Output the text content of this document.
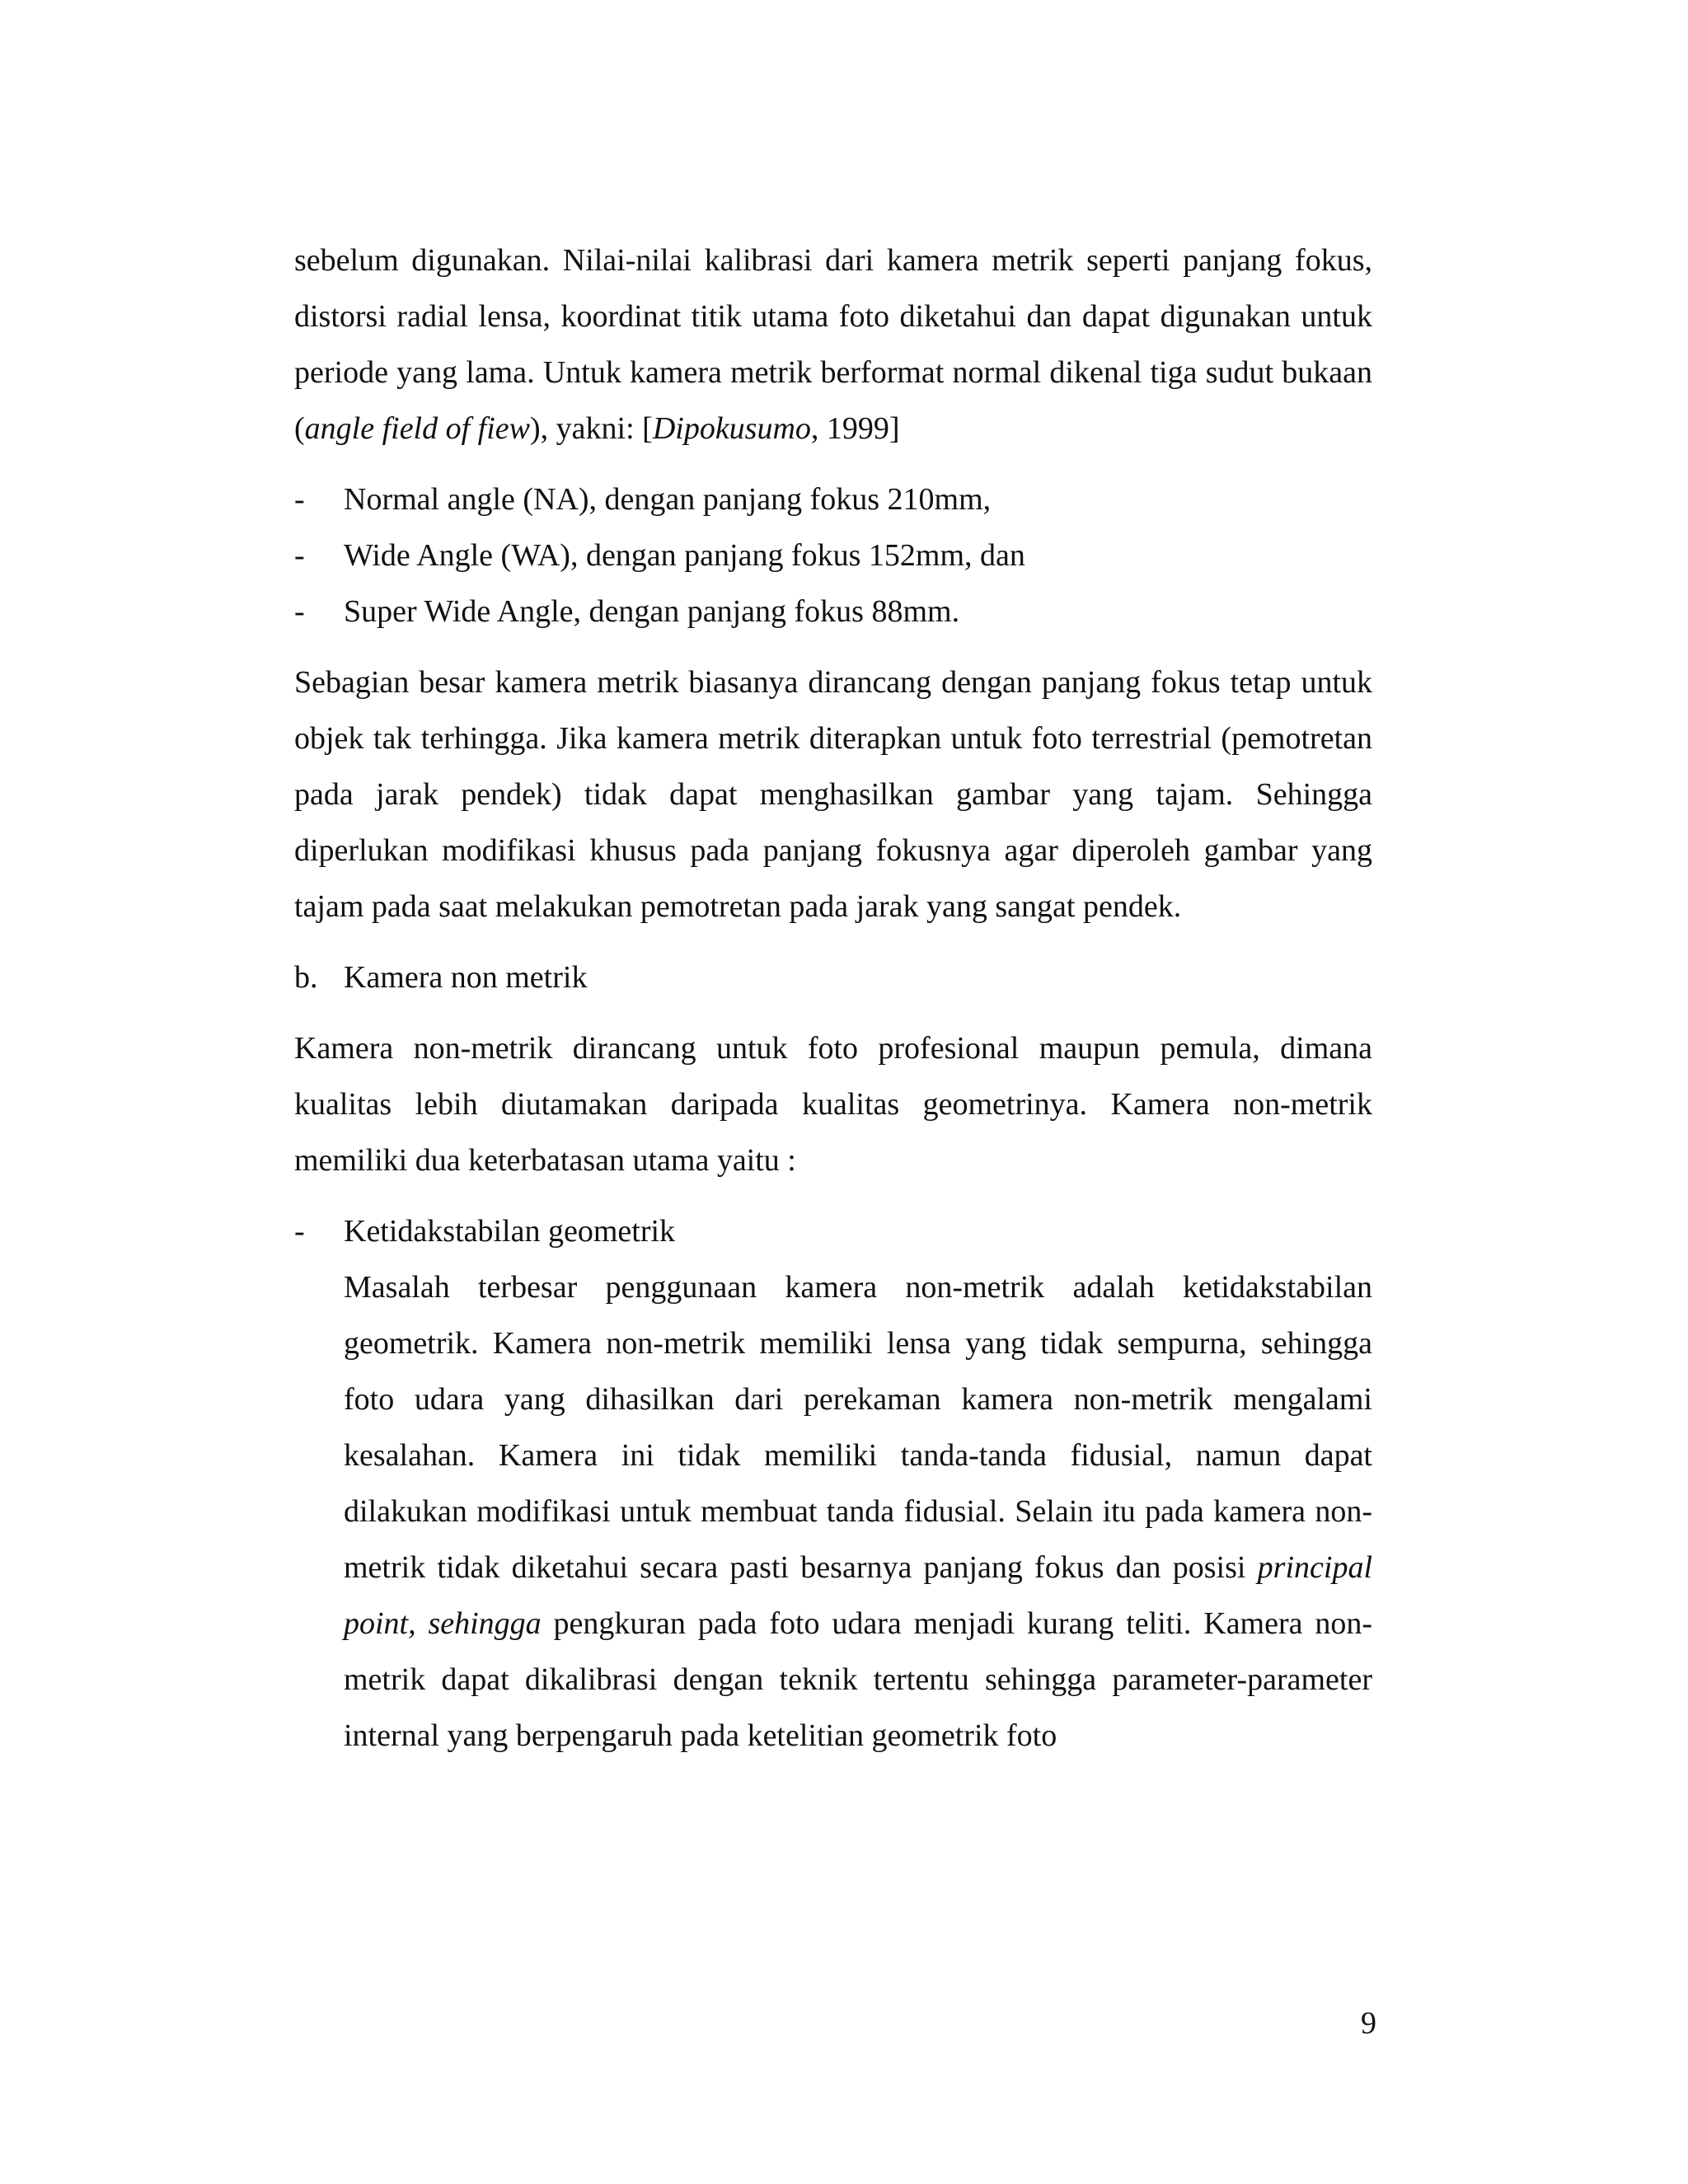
sebelum digunakan. Nilai-nilai kalibrasi dari kamera metrik seperti panjang fokus, distorsi radial lensa, koordinat titik utama foto diketahui dan dapat digunakan untuk periode yang lama. Untuk kamera metrik berformat normal dikenal tiga sudut bukaan (angle field of fiew), yakni: [Dipokusumo, 1999]

-	Normal angle (NA), dengan panjang fokus 210mm,
-	Wide Angle (WA), dengan panjang fokus 152mm, dan
-	Super Wide Angle, dengan panjang fokus 88mm.

Sebagian besar kamera metrik biasanya dirancang dengan panjang fokus tetap untuk objek tak terhingga. Jika kamera metrik diterapkan untuk foto terrestrial (pemotretan pada jarak pendek) tidak dapat menghasilkan gambar yang tajam. Sehingga diperlukan modifikasi khusus pada panjang fokusnya agar diperoleh gambar yang tajam pada saat melakukan pemotretan pada jarak yang sangat pendek.

b. Kamera non metrik

Kamera non-metrik dirancang untuk foto profesional maupun pemula, dimana kualitas lebih diutamakan daripada kualitas geometrinya. Kamera non-metrik memiliki dua keterbatasan utama yaitu :

-	Ketidakstabilan geometrik

Masalah terbesar penggunaan kamera non-metrik adalah ketidakstabilan geometrik. Kamera non-metrik memiliki lensa yang tidak sempurna, sehingga foto udara yang dihasilkan dari perekaman kamera non-metrik mengalami kesalahan. Kamera ini tidak memiliki tanda-tanda fidusial, namun dapat dilakukan modifikasi untuk membuat tanda fidusial. Selain itu pada kamera non-metrik tidak diketahui secara pasti besarnya panjang fokus dan posisi principal point, sehingga pengkuran pada foto udara menjadi kurang teliti. Kamera non-metrik dapat dikalibrasi dengan teknik tertentu sehingga parameter-parameter internal yang berpengaruh pada ketelitian geometrik foto

9
